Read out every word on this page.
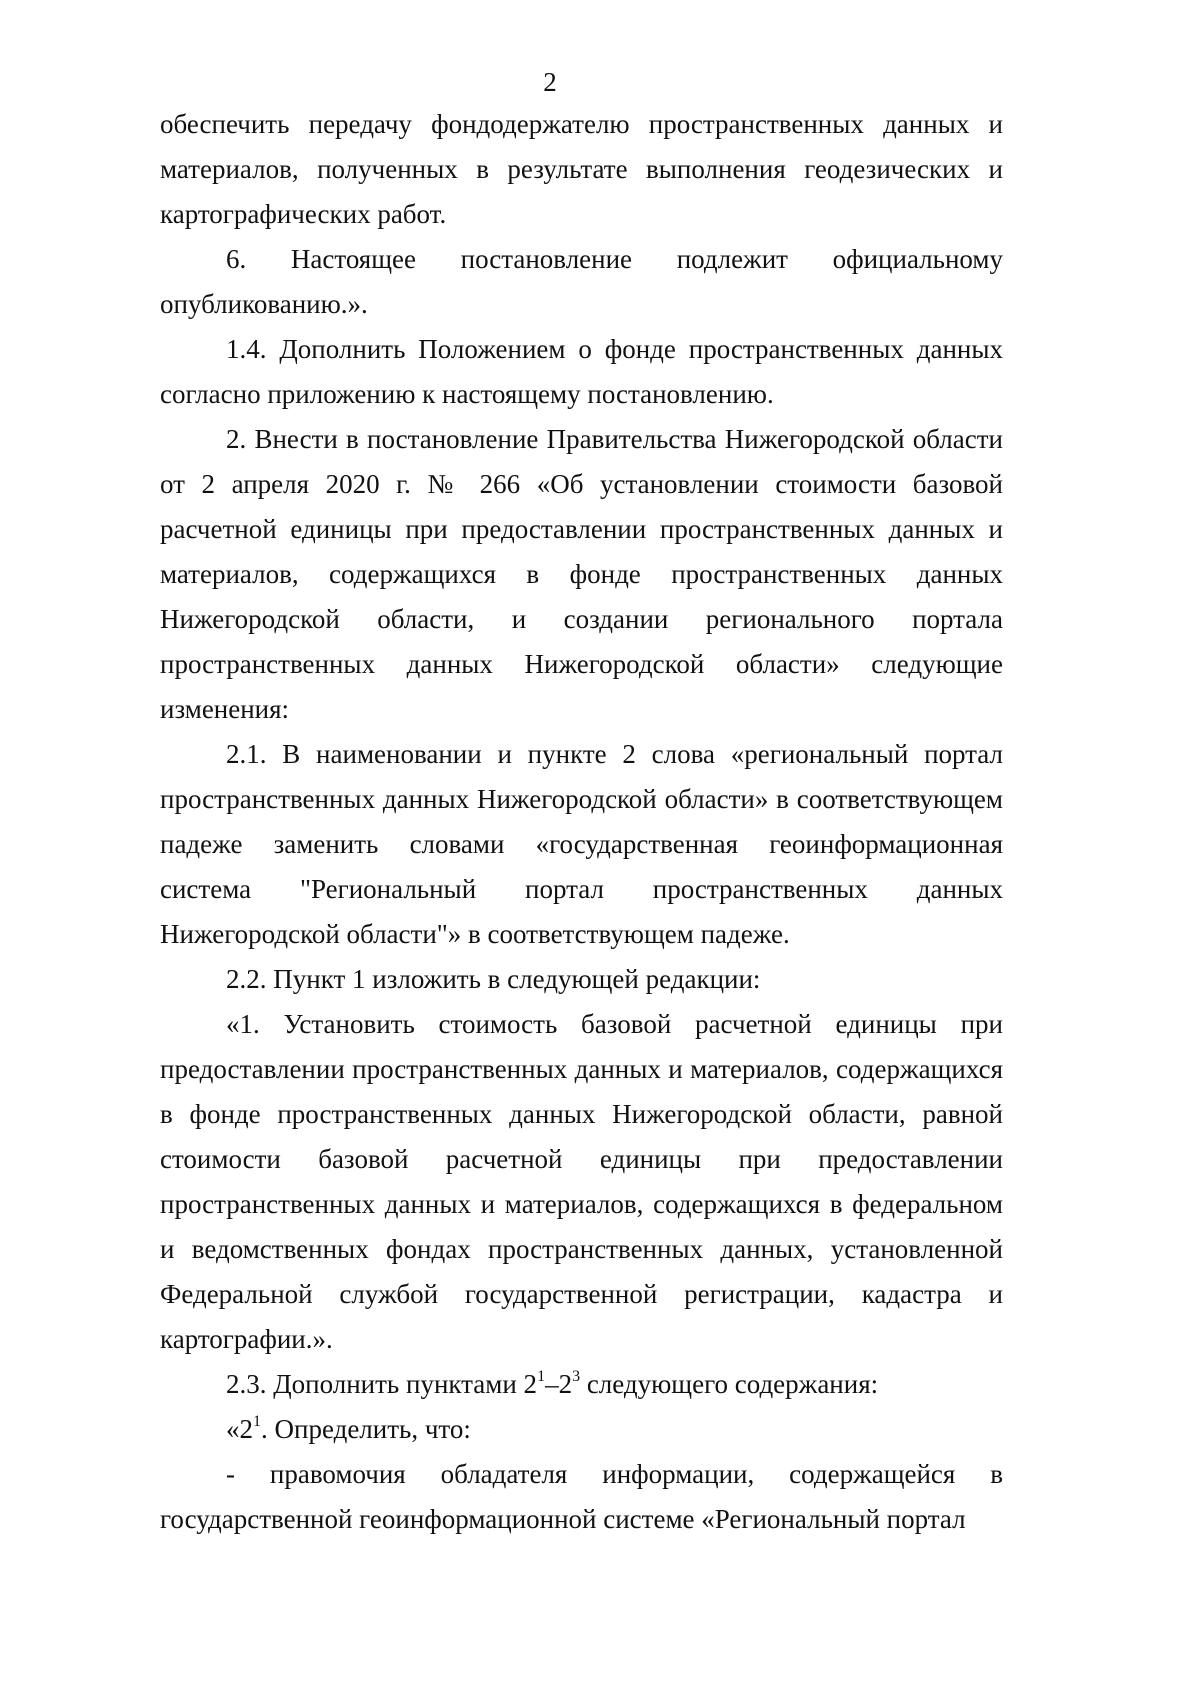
2

обеспечить передачу фондодержателю пространственных данных и материалов, полученных в результате выполнения геодезических и картографических работ.

6. Настоящее постановление подлежит официальному опубликованию.».

1.4. Дополнить Положением о фонде пространственных данных согласно приложению к настоящему постановлению.

2. Внести в постановление Правительства Нижегородской области от 2 апреля 2020 г. № 266 «Об установлении стоимости базовой расчетной единицы при предоставлении пространственных данных и материалов, содержащихся в фонде пространственных данных Нижегородской области, и создании регионального портала пространственных данных Нижегородской области» следующие изменения:

2.1. В наименовании и пункте 2 слова «региональный портал пространственных данных Нижегородской области» в соответствующем падеже заменить словами «государственная геоинформационная система "Региональный портал пространственных данных Нижегородской области"» в соответствующем падеже.

2.2. Пункт 1 изложить в следующей редакции:

«1. Установить стоимость базовой расчетной единицы при предоставлении пространственных данных и материалов, содержащихся в фонде пространственных данных Нижегородской области, равной стоимости базовой расчетной единицы при предоставлении пространственных данных и материалов, содержащихся в федеральном и ведомственных фондах пространственных данных, установленной Федеральной службой государственной регистрации, кадастра и картографии.».

2.3. Дополнить пунктами $2^1-2^3$ следующего содержания:

«$2^1$. Определить, что:

- правомочия обладателя информации, содержащейся в государственной геоинформационной системе «Региональный портал
